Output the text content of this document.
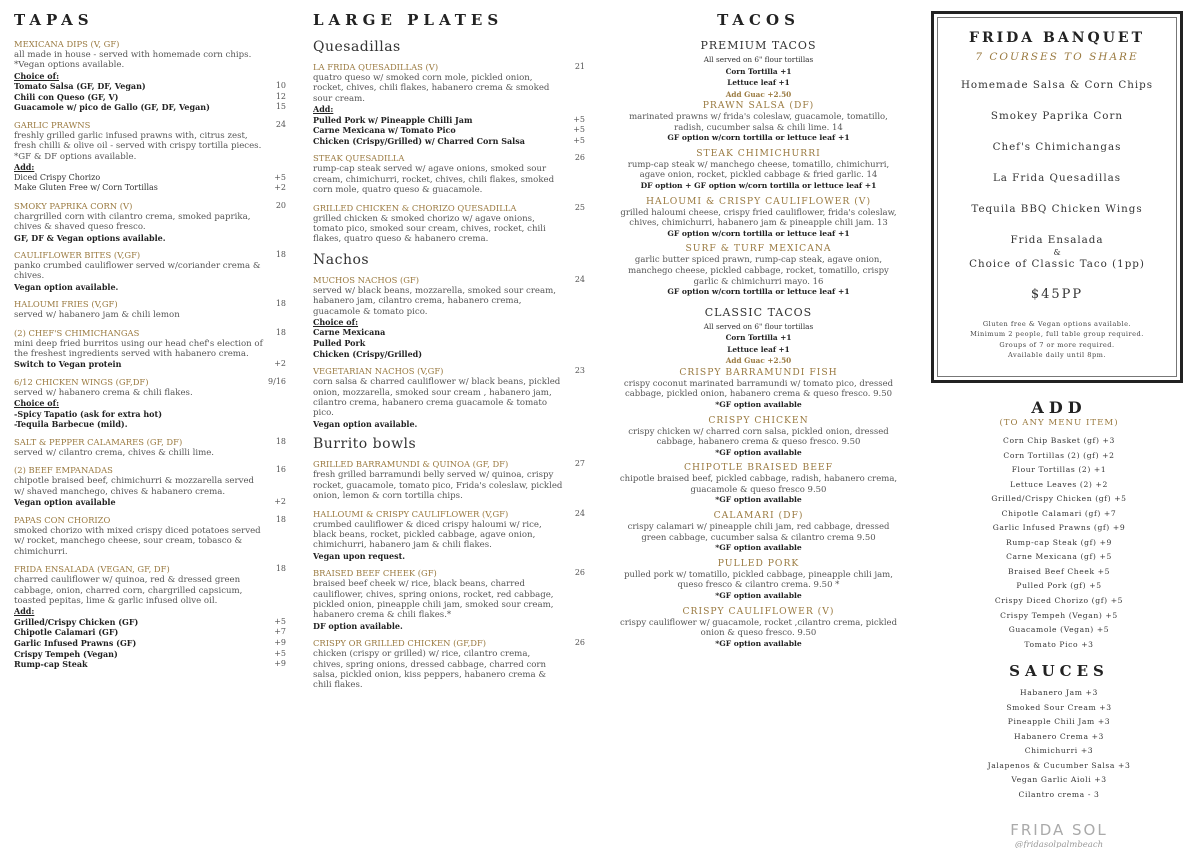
TAPAS
MEXICANA DIPS (V, GF)
all made in house - served with homemade corn chips. *Vegan options available.
Choice of:
Tomato Salsa (GF, DF, Vegan)	10
Chili con Queso (GF, V)	12
Guacamole w/ pico de Gallo (GF, DF, Vegan)	15
GARLIC PRAWNS	24
freshly grilled garlic infused prawns with, citrus zest, fresh chilli & olive oil - served with crispy tortilla pieces. *GF & DF options available.
Add:
Diced Crispy Chorizo	+5
Make Gluten Free w/ Corn Tortillas	+2
SMOKY PAPRIKA CORN (V)	20
chargrilled corn with cilantro crema, smoked paprika, chives & shaved queso fresco.
GF, DF & Vegan options available.
CAULIFLOWER BITES (V,GF)	18
panko crumbed cauliflower served w/coriander crema & chives.
Vegan option available.
HALOUMI FRIES (V,GF)	18
served w/ habanero jam & chili lemon
(2) CHEF'S CHIMICHANGAS	18
mini deep fried burritos using our head chef's election of the freshest ingredients served with habanero crema.
Switch to Vegan protein	+2
6/12 CHICKEN WINGS (GF,DF)	9/16
served w/ habanero crema & chili flakes.
Choice of:
-Spicy Tapatio (ask for extra hot)
-Tequila Barbecue (mild).
SALT & PEPPER CALAMARES (GF, DF)	18
served w/ cilantro crema, chives & chilli lime.
(2) BEEF EMPANADAS	16
chipotle braised beef, chimichurri & mozzarella served w/ shaved manchego, chives & habanero crema.
Vegan option available	+2
PAPAS CON CHORIZO	18
smoked chorizo with mixed crispy diced potatoes served w/ rocket, manchego cheese, sour cream, tobasco & chimichurri.
FRIDA ENSALADA (VEGAN, GF, DF)	18
charred cauliflower w/ quinoa, red & dressed green cabbage, onion, charred corn, chargrilled capsicum, toasted pepitas, lime & garlic infused olive oil.
Add:
Grilled/Crispy Chicken (GF)	+5
Chipotle Calamari (GF)	+7
Garlic Infused Prawns (GF)	+9
Crispy Tempeh (Vegan)	+5
Rump-cap Steak	+9
LARGE PLATES
Quesadillas
LA FRIDA QUESADILLAS (V)	21
quatro queso w/ smoked corn mole, pickled onion, rocket, chives, chili flakes, habanero crema & smoked sour cream.
Add:
Pulled Pork w/ Pineapple Chilli Jam	+5
Carne Mexicana w/ Tomato Pico	+5
Chicken (Crispy/Grilled) w/ Charred Corn Salsa	+5
STEAK QUESADILLA	26
rump-cap steak served w/ agave onions, smoked sour cream, chimichurri, rocket, chives, chili flakes, smoked corn mole, quatro queso & guacamole.
GRILLED CHICKEN & CHORIZO QUESADILLA	25
grilled chicken & smoked chorizo w/ agave onions, tomato pico, smoked sour cream, chives, rocket, chili flakes, quatro queso & habanero crema.
Nachos
MUCHOS NACHOS (GF)	24
served w/ black beans, mozzarella, smoked sour cream, habanero jam, cilantro crema, habanero crema, guacamole & tomato pico.
Choice of:
Carne Mexicana
Pulled Pork
Chicken (Crispy/Grilled)
VEGETARIAN NACHOS (V,GF)	23
corn salsa & charred cauliflower w/ black beans, pickled onion, mozzarella, smoked sour cream , habanero jam, cilantro crema, habanero crema guacamole & tomato pico.
Vegan option available.
Burrito bowls
GRILLED BARRAMUNDI & QUINOA (GF, DF)	27
fresh grilled barramundi belly served w/ quinoa, crispy rocket, guacamole, tomato pico, Frida's coleslaw, pickled onion, lemon & corn tortilla chips.
HALLOUMI & CRISPY CAULIFLOWER (V,GF)	24
crumbed cauliflower & diced crispy haloumi w/ rice, black beans, rocket, pickled cabbage, agave onion, chimichurri, habanero jam & chili flakes.
Vegan upon request.
BRAISED BEEF CHEEK (GF)	26
braised beef cheek w/ rice, black beans, charred cauliflower, chives, spring onions, rocket, red cabbage, pickled onion, pineapple chili jam, smoked sour cream, habanero crema & chili flakes.*
DF option available.
CRISPY OR GRILLED CHICKEN (GF,DF)	26
chicken (crispy or grilled) w/ rice, cilantro crema, chives, spring onions, dressed cabbage, charred corn salsa, pickled onion, kiss peppers, habanero crema & chili flakes.
TACOS
PREMIUM TACOS
All served on 6" flour tortillas
Corn Tortilla +1
Lettuce leaf +1
Add Guac +2.50
PRAWN SALSA (DF)
marinated prawns w/ frida's coleslaw, guacamole, tomatillo, radish, cucumber salsa & chili lime. 14
GF option w/corn tortilla or lettuce leaf +1
STEAK CHIMICHURRI
rump-cap steak w/ manchego cheese, tomatillo, chimichurri, agave onion, rocket, pickled cabbage & fried garlic. 14
DF option + GF option w/corn tortilla or lettuce leaf +1
HALOUMI & CRISPY CAULIFLOWER (V)
grilled haloumi cheese, crispy fried cauliflower, frida's coleslaw, chives, chimichurri, habanero jam & pineapple chili jam. 13
GF option w/corn tortilla or lettuce leaf +1
SURF & TURF MEXICANA
garlic butter spiced prawn, rump-cap steak, agave onion, manchego cheese, pickled cabbage, rocket, tomatillo, crispy garlic & chimichurri mayo. 16
GF option w/corn tortilla or lettuce leaf +1
CLASSIC TACOS
All served on 6" flour tortillas
Corn Tortilla +1
Lettuce leaf +1
Add Guac +2.50
CRISPY BARRAMUNDI FISH
crispy coconut marinated barramundi w/ tomato pico, dressed cabbage, pickled onion, habanero crema & queso fresco. 9.50
*GF option available
CRISPY CHICKEN
crispy chicken w/ charred corn salsa, pickled onion, dressed cabbage, habanero crema & queso fresco. 9.50
*GF option available
CHIPOTLE BRAISED BEEF
chipotle braised beef, pickled cabbage, radish, habanero crema, guacamole & queso fresco 9.50
*GF option available
CALAMARI (DF)
crispy calamari w/ pineapple chili jam, red cabbage, dressed green cabbage, cucumber salsa & cilantro crema 9.50
*GF option available
PULLED PORK
pulled pork w/ tomatillo, pickled cabbage, pineapple chili jam, queso fresco & cilantro crema. 9.50 *
*GF option available
CRISPY CAULIFLOWER (V)
crispy cauliflower w/ guacamole, rocket ,cilantro crema, pickled onion & queso fresco. 9.50
*GF option available
FRIDA BANQUET
7 COURSES TO SHARE
Homemade Salsa & Corn Chips
Smokey Paprika Corn
Chef's Chimichangas
La Frida Quesadillas
Tequila BBQ Chicken Wings
Frida Ensalada
&
Choice of Classic Taco (1pp)
$45PP
Gluten free & Vegan options available.
Minimum 2 people, full table group required.
Groups of 7 or more required.
Available daily until 8pm.
ADD
(TO ANY MENU ITEM)
Corn Chip Basket (gf) +3
Corn Tortillas (2) (gf) +2
Flour Tortillas (2) +1
Lettuce Leaves (2) +2
Grilled/Crispy Chicken (gf) +5
Chipotle Calamari (gf) +7
Garlic Infused Prawns (gf) +9
Rump-cap Steak (gf) +9
Carne Mexicana (gf) +5
Braised Beef Cheek +5
Pulled Pork (gf) +5
Crispy Diced Chorizo (gf) +5
Crispy Tempeh (Vegan) +5
Guacamole (Vegan) +5
Tomato Pico +3
SAUCES
Habanero Jam +3
Smoked Sour Cream +3
Pineapple Chili Jam +3
Habanero Crema +3
Chimichurri +3
Jalapenos & Cucumber Salsa +3
Vegan Garlic Aioli +3
Cilantro crema - 3
FRIDA SOL
@fridasolpalmbeach
